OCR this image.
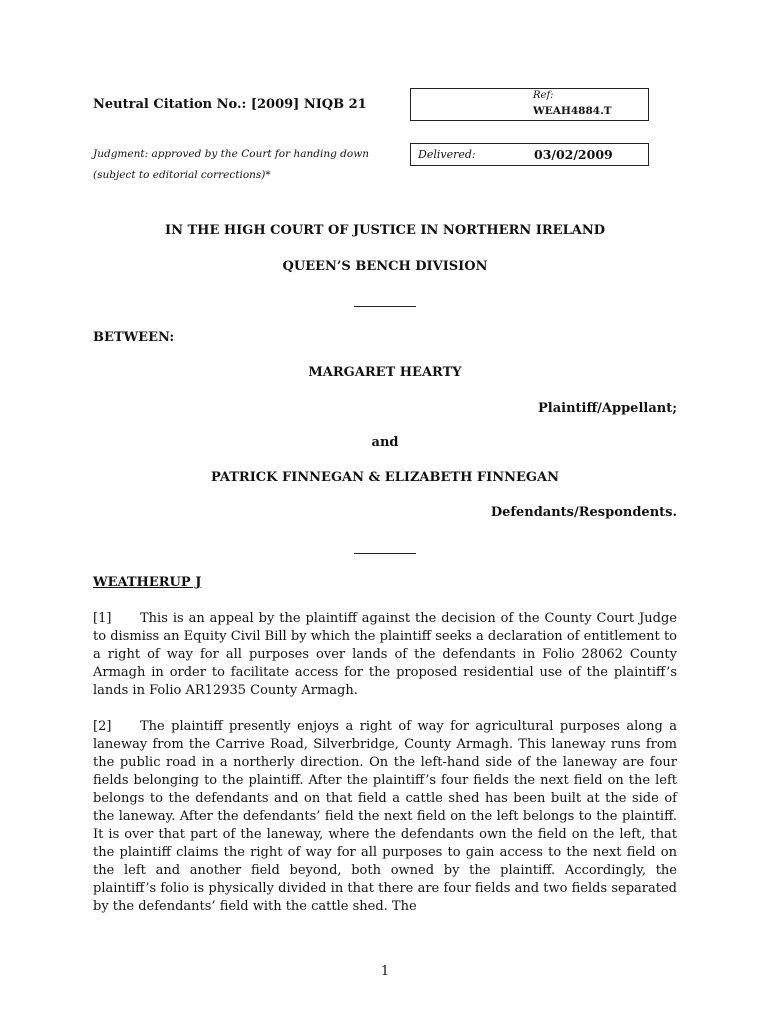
Neutral Citation No.: [2009] NIQB 21
Ref:
WEAH4884.T
Judgment: approved by the Court for handing down
(subject to editorial corrections)*
Delivered:	03/02/2009
IN THE HIGH COURT OF JUSTICE IN NORTHERN IRELAND
QUEEN’S BENCH DIVISION
BETWEEN:
MARGARET HEARTY
Plaintiff/Appellant;
and
PATRICK FINNEGAN & ELIZABETH FINNEGAN
Defendants/Respondents.
WEATHERUP J
[1] This is an appeal by the plaintiff against the decision of the County Court Judge to dismiss an Equity Civil Bill by which the plaintiff seeks a declaration of entitlement to a right of way for all purposes over lands of the defendants in Folio 28062 County Armagh in order to facilitate access for the proposed residential use of the plaintiff’s lands in Folio AR12935 County Armagh.
[2] The plaintiff presently enjoys a right of way for agricultural purposes along a laneway from the Carrive Road, Silverbridge, County Armagh. This laneway runs from the public road in a northerly direction. On the left-hand side of the laneway are four fields belonging to the plaintiff. After the plaintiff’s four fields the next field on the left belongs to the defendants and on that field a cattle shed has been built at the side of the laneway. After the defendants’ field the next field on the left belongs to the plaintiff. It is over that part of the laneway, where the defendants own the field on the left, that the plaintiff claims the right of way for all purposes to gain access to the next field on the left and another field beyond, both owned by the plaintiff. Accordingly, the plaintiff’s folio is physically divided in that there are four fields and two fields separated by the defendants’ field with the cattle shed. The
1
